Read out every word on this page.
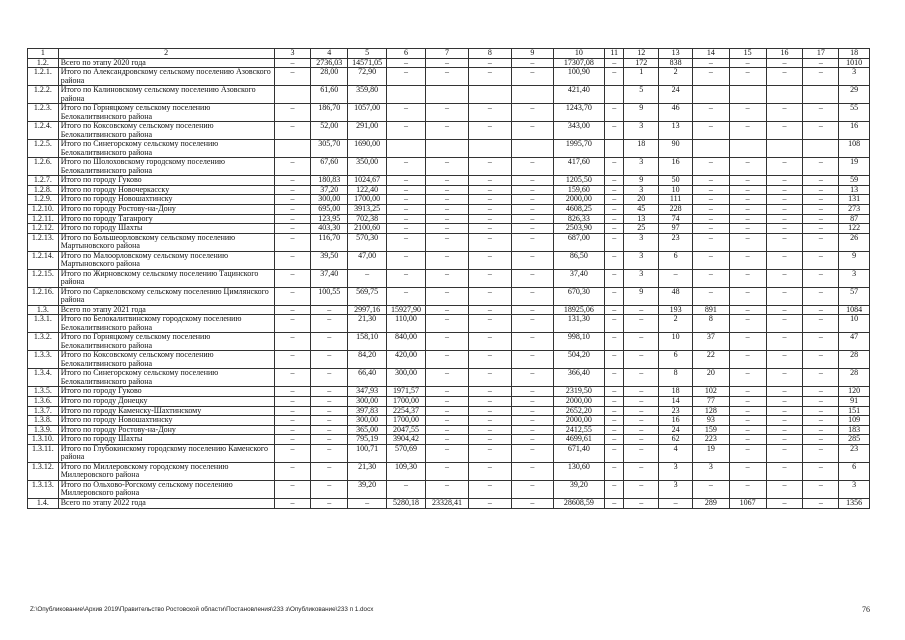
1	2	3	4	5	6	7	8	9	10	11	12	13	14	15	16	17	18
1.2.	Всего по этапу 2020 года	–	2736,03	14571,05	–	–	–	–	17307,08	–	172	838	–	–	–	–	1010
1.2.1.	Итого по Александровскому сельскому поселению Азовского района	–	28,00	72,90	–	–	–	–	100,90	–	1	2	–	–	–	–	3
1.2.2.	Итого по Калиновскому сельскому поселению Азовского района		61,60	359,80					421,40		5	24					29
1.2.3.	Итого по Горняцкому сельскому поселению Белокалитвинского района	–	186,70	1057,00	–	–	–	–	1243,70	–	9	46	–	–	–	–	55
1.2.4.	Итого по Коксовскому сельскому поселению Белокалитвинского района	–	52,00	291,00	–	–	–	–	343,00	–	3	13	–	–	–	–	16
1.2.5.	Итого по Синегорскому сельскому поселению Белокалитвинского района		305,70	1690,00					1995,70		18	90					108
1.2.6.	Итого по Шолоховскому городскому поселению Белокалитвинского района	–	67,60	350,00	–	–	–	–	417,60	–	3	16	–	–	–	–	19
1.2.7.	Итого по городу Гуково	–	180,83	1024,67	–	–	–	–	1205,50	–	9	50	–	–	–	–	59
1.2.8.	Итого по городу Новочеркасску	–	37,20	122,40	–	–	–	–	159,60	–	3	10	–	–	–	–	13
1.2.9.	Итого по городу Новошахтинску	–	300,00	1700,00	–	–	–	–	2000,00	–	20	111	–	–	–	–	131
1.2.10.	Итого по городу Ростову-на-Дону	–	695,00	3913,25	–	–	–	–	4608,25	–	45	228	–	–	–	–	273
1.2.11.	Итого по городу Таганрогу	–	123,95	702,38	–	–	–	–	826,33	–	13	74	–	–	–	–	87
1.2.12.	Итого по городу Шахты	–	403,30	2100,60	–	–	–	–	2503,90	–	25	97	–	–	–	–	122
1.2.13.	Итого по Большеорловскому сельскому поселению Мартыновского района	–	116,70	570,30	–	–	–	–	687,00	–	3	23	–	–	–	–	26
1.2.14.	Итого по Малоорловскому сельскому поселению Мартыновского района	–	39,50	47,00	–	–	–	–	86,50	–	3	6	–	–	–	–	9
1.2.15.	Итого по Жирновскому сельскому поселению Тацинского района	–	37,40	–	–	–	–	–	37,40	–	3	–	–	–	–	–	3
1.2.16.	Итого по Саркеловскому сельскому поселению Цимлянского района	–	100,55	569,75	–	–	–	–	670,30	–	9	48	–	–	–	–	57
1.3.	Всего по этапу 2021 года	–	–	2997,16	15927,90	–	–	–	18925,06	–	–	193	891	–	–	–	1084
1.3.1.	Итого по Белокалитвинскому городскому поселению Белокалитвинского района	–	–	21,30	110,00	–	–	–	131,30	–	–	2	8	–	–	–	10
1.3.2.	Итого по Горняцкому сельскому поселению Белокалитвинского района	–	–	158,10	840,00	–	–	–	998,10	–	–	10	37	–	–	–	47
1.3.3.	Итого по Коксовскому сельскому поселению Белокалитвинского района	–	–	84,20	420,00	–	–	–	504,20	–	–	6	22	–	–	–	28
1.3.4.	Итого по Синегорскому сельскому поселению Белокалитвинского района	–	–	66,40	300,00	–	–	–	366,40	–	–	8	20	–	–	–	28
1.3.5.	Итого по городу Гуково	–	–	347,93	1971,57	–	–	–	2319,50	–	–	18	102	–	–	–	120
1.3.6.	Итого по городу Донецку	–	–	300,00	1700,00	–	–	–	2000,00	–	–	14	77	–	–	–	91
1.3.7.	Итого по городу Каменску-Шахтинскому	–	–	397,83	2254,37	–	–	–	2652,20	–	–	23	128	–	–	–	151
1.3.8.	Итого по городу Новошахтинску	–	–	300,00	1700,00	–	–	–	2000,00	–	–	16	93	–	–	–	109
1.3.9.	Итого по городу Ростову-на-Дону	–	–	365,00	2047,55	–	–	–	2412,55	–	–	24	159	–	–	–	183
1.3.10.	Итого по городу Шахты	–	–	795,19	3904,42	–	–	–	4699,61	–	–	62	223	–	–	–	285
1.3.11.	Итого по Глубокинскому городскому поселению Каменского района	–	–	100,71	570,69	–	–	–	671,40	–	–	4	19	–	–	–	23
1.3.12.	Итого по Миллеровскому городскому поселению Миллеровского района	–	–	21,30	109,30	–	–	–	130,60	–	–	3	3	–	–	–	6
1.3.13.	Итого по Ольхово-Рогскому сельскому поселению Миллеровского района	–	–	39,20	–	–	–	–	39,20	–	–	3	–	–	–	–	3
1.4.	Всего по этапу 2022 года	–	–	–	5280,18	23328,41	–	–	28608,59	–	–	–	289	1067	–	–	1356
Z:\Опубликование\Архив 2019\Правительство Ростовской области\Постановления\233 з\Опубликование\233 п 1.docx	76
